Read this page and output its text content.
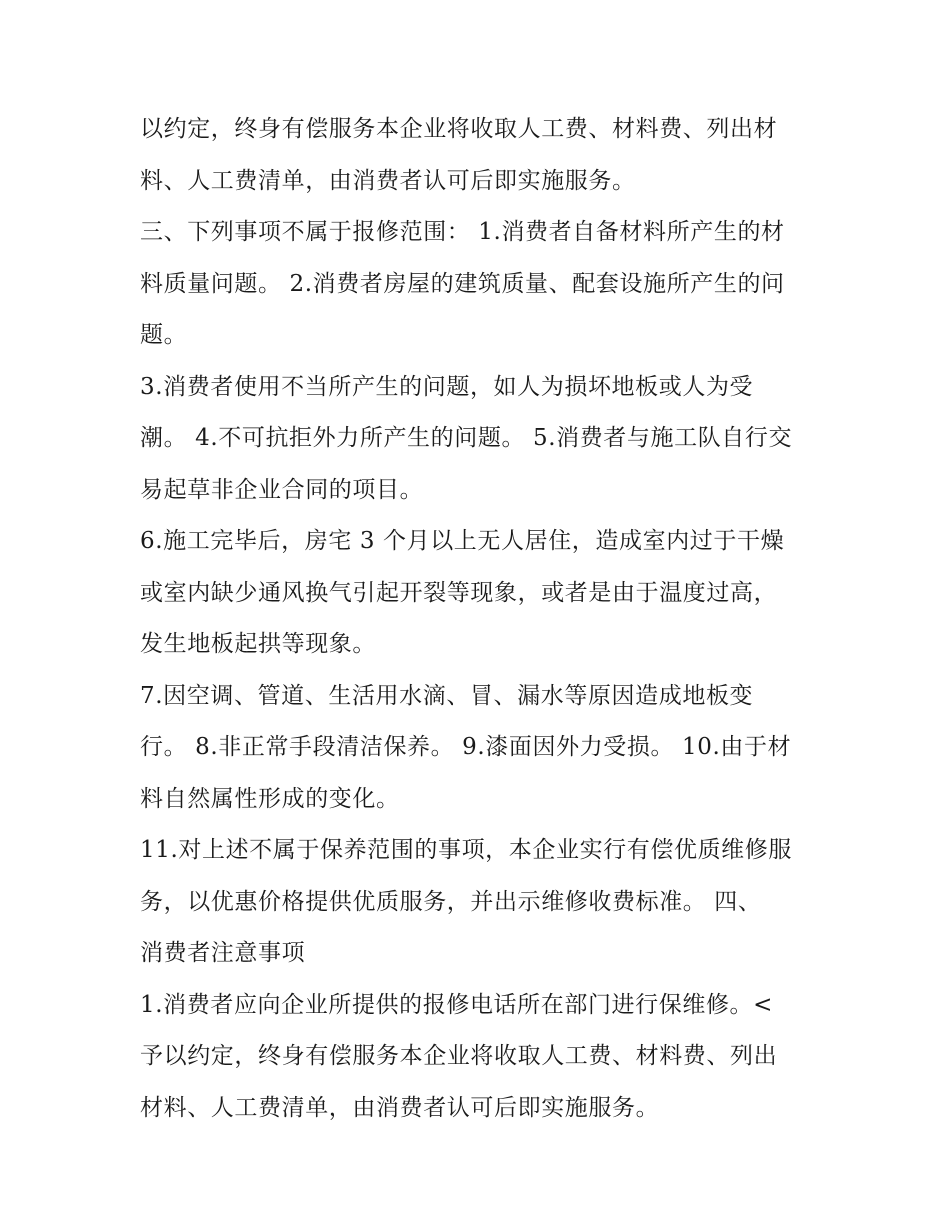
以约定，终身有偿服务本企业将收取人工费、材料费、列出材
料、人工费清单，由消费者认可后即实施服务。
三、下列事项不属于报修范围： 1.消费者自备材料所产生的材
料质量问题。 2.消费者房屋的建筑质量、配套设施所产生的问
题。
3.消费者使用不当所产生的问题，如人为损坏地板或人为受
潮。 4.不可抗拒外力所产生的问题。 5.消费者与施工队自行交
易起草非企业合同的项目。
6.施工完毕后，房宅 3 个月以上无人居住，造成室内过于干燥
或室内缺少通风换气引起开裂等现象，或者是由于温度过高，
发生地板起拱等现象。
7.因空调、管道、生活用水滴、冒、漏水等原因造成地板变
行。 8.非正常手段清洁保养。 9.漆面因外力受损。 10.由于材
料自然属性形成的变化。
11.对上述不属于保养范围的事项，本企业实行有偿优质维修服
务，以优惠价格提供优质服务，并出示维修收费标准。 四、
消费者注意事项
1.消费者应向企业所提供的报修电话所在部门进行保维修。<
予以约定，终身有偿服务本企业将收取人工费、材料费、列出
材料、人工费清单，由消费者认可后即实施服务。
